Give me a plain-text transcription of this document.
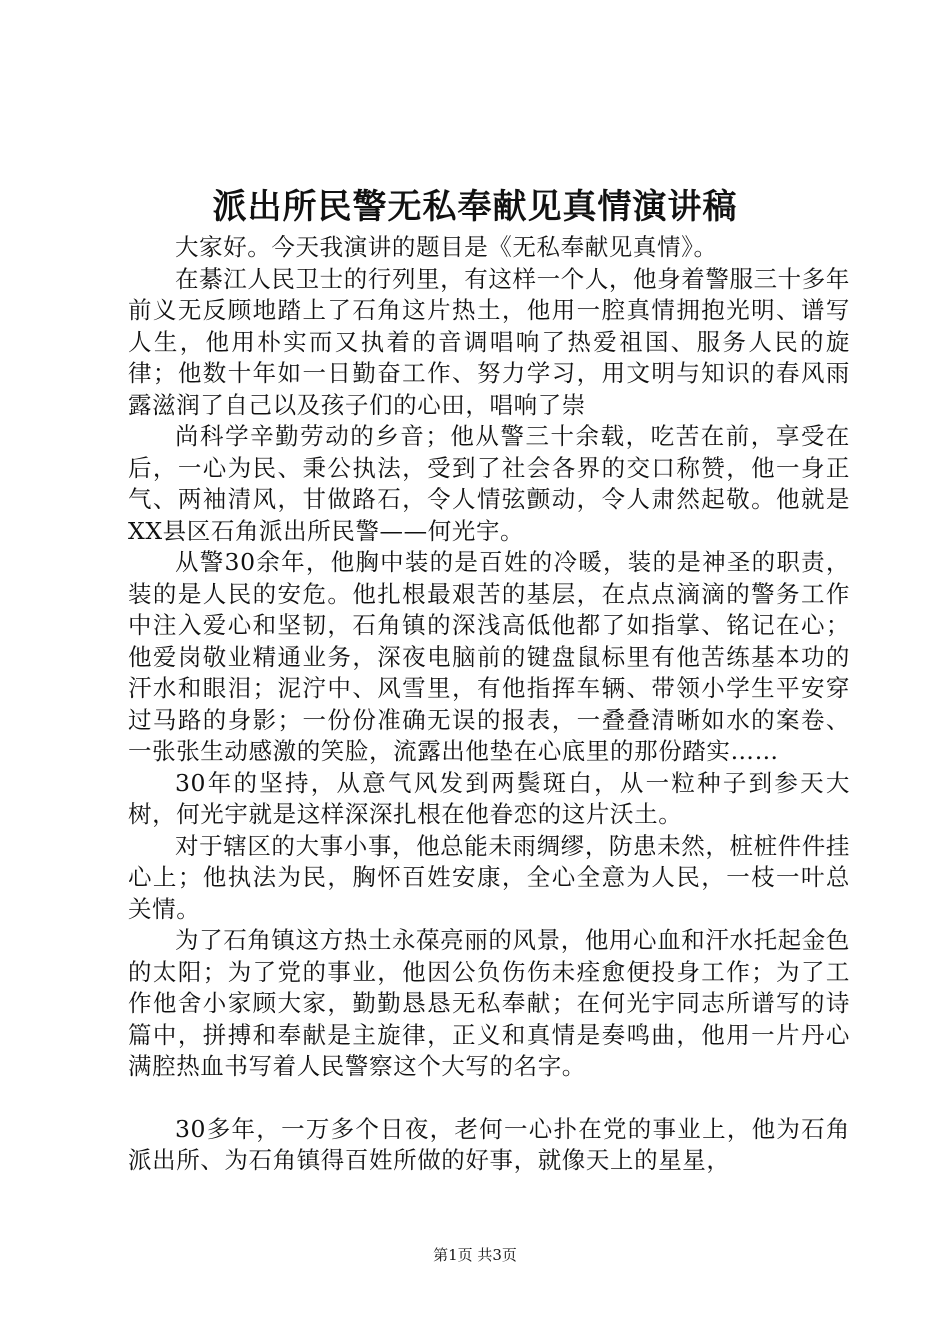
派出所民警无私奉献见真情演讲稿

大家好。今天我演讲的题目是《无私奉献见真情》。

在綦江人民卫士的行列里，有这样一个人，他身着警服三十多年前义无反顾地踏上了石角这片热土，他用一腔真情拥抱光明、谱写人生，他用朴实而又执着的音调唱响了热爱祖国、服务人民的旋律；他数十年如一日勤奋工作、努力学习，用文明与知识的春风雨露滋润了自己以及孩子们的心田，唱响了崇

尚科学辛勤劳动的乡音；他从警三十余载，吃苦在前，享受在后，一心为民、秉公执法，受到了社会各界的交口称赞，他一身正气、两袖清风，甘做路石，令人情弦颤动，令人肃然起敬。他就是XX县区石角派出所民警——何光宇。

从警30余年，他胸中装的是百姓的冷暖，装的是神圣的职责，装的是人民的安危。他扎根最艰苦的基层，在点点滴滴的警务工作中注入爱心和坚韧，石角镇的深浅高低他都了如指掌、铭记在心；他爱岗敬业精通业务，深夜电脑前的键盘鼠标里有他苦练基本功的汗水和眼泪；泥泞中、风雪里，有他指挥车辆、带领小学生平安穿过马路的身影；一份份准确无误的报表，一叠叠清晰如水的案卷、一张张生动感激的笑脸，流露出他垫在心底里的那份踏实……

30年的坚持，从意气风发到两鬓斑白，从一粒种子到参天大树，何光宇就是这样深深扎根在他眷恋的这片沃土。

对于辖区的大事小事，他总能未雨绸缪，防患未然，桩桩件件挂心上；他执法为民，胸怀百姓安康，全心全意为人民，一枝一叶总关情。

为了石角镇这方热土永葆亮丽的风景，他用心血和汗水托起金色的太阳；为了党的事业，他因公负伤伤未痊愈便投身工作；为了工作他舍小家顾大家，勤勤恳恳无私奉献；在何光宇同志所谱写的诗篇中，拼搏和奉献是主旋律，正义和真情是奏鸣曲，他用一片丹心满腔热血书写着人民警察这个大写的名字。

30多年，一万多个日夜，老何一心扑在党的事业上，他为石角派出所、为石角镇得百姓所做的好事，就像天上的星星，

第1页 共3页
